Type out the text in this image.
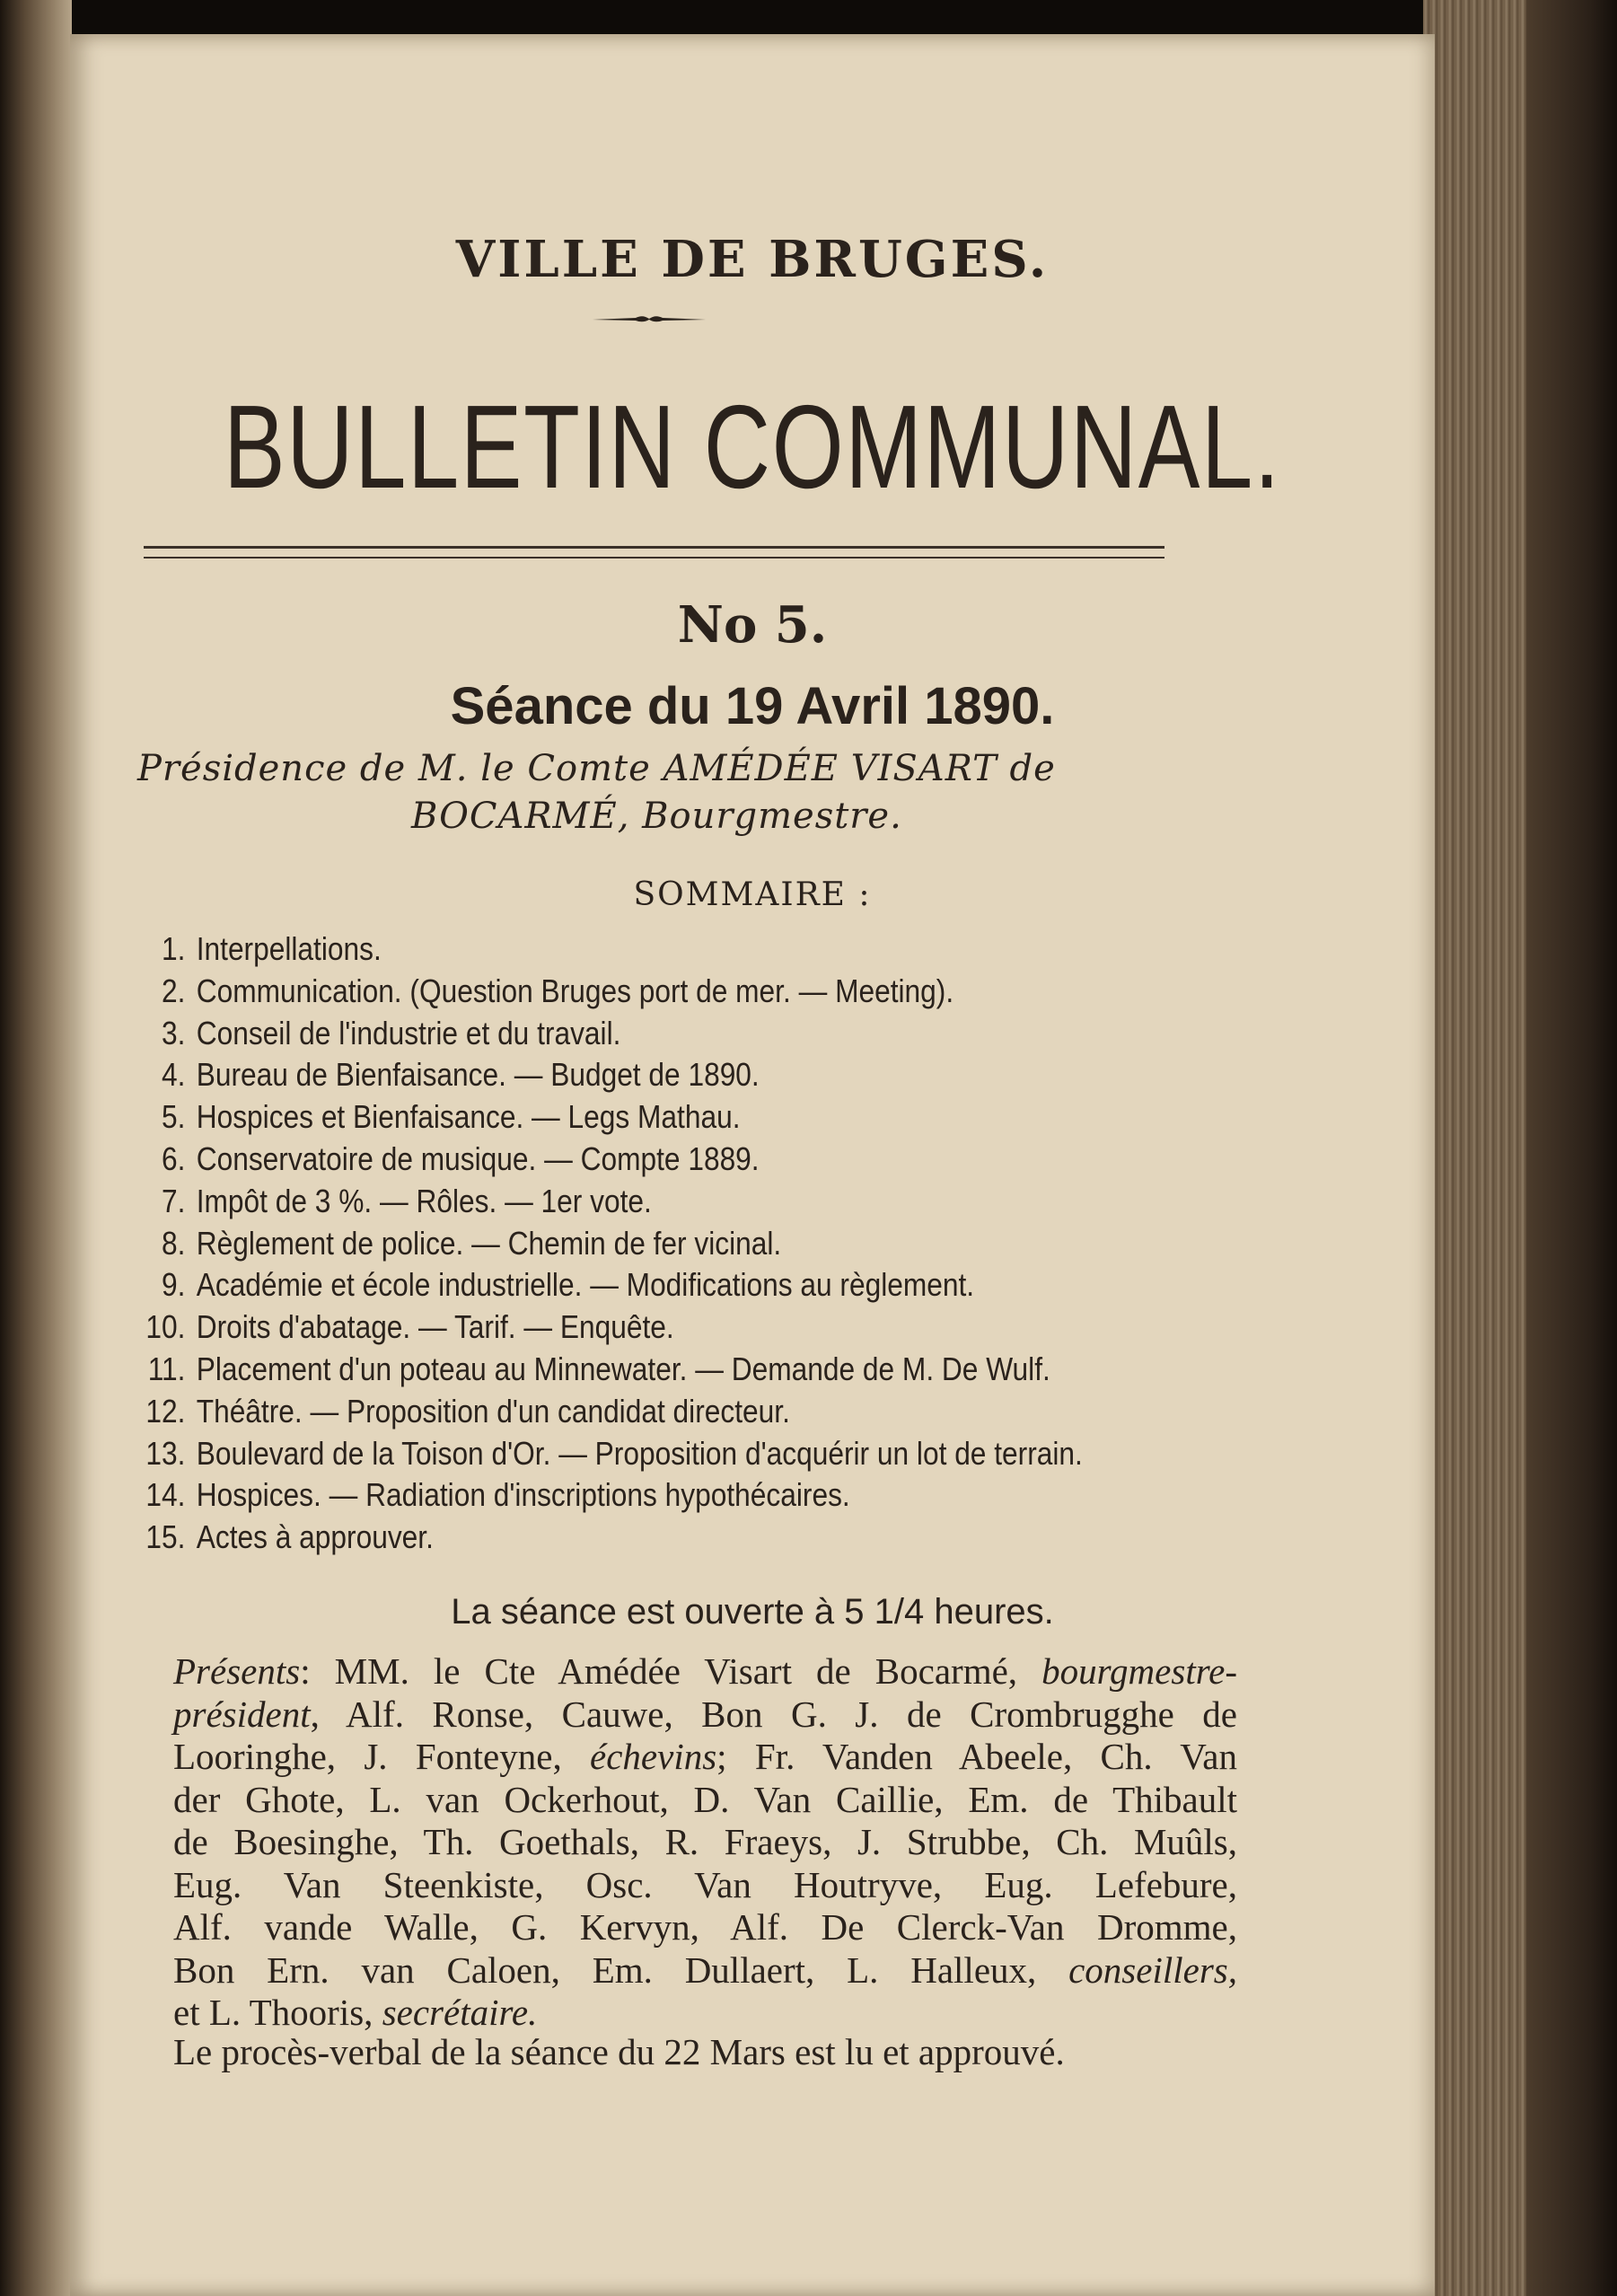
VILLE DE BRUGES.
BULLETIN COMMUNAL.
No 5.
Séance du 19 Avril 1890.
Présidence de M. le Comte AMÉDÉE VISART de
BOCARMÉ, Bourgmestre.
SOMMAIRE :
1. Interpellations.
2. Communication. (Question Bruges port de mer. — Meeting).
3. Conseil de l'industrie et du travail.
4. Bureau de Bienfaisance. — Budget de 1890.
5. Hospices et Bienfaisance. — Legs Mathau.
6. Conservatoire de musique. — Compte 1889.
7. Impôt de 3 %. — Rôles. — 1er vote.
8. Règlement de police. — Chemin de fer vicinal.
9. Académie et école industrielle. — Modifications au règlement.
10. Droits d'abatage. — Tarif. — Enquête.
11. Placement d'un poteau au Minnewater. — Demande de M. De Wulf.
12. Théâtre. — Proposition d'un candidat directeur.
13. Boulevard de la Toison d'Or. — Proposition d'acquérir un lot de terrain.
14. Hospices. — Radiation d'inscriptions hypothécaires.
15. Actes à approuver.
La séance est ouverte à 5 1/4 heures.
Présents: MM. le Cte Amédée Visart de Bocarmé, bourgmestre-
président, Alf. Ronse, Cauwe, Bon G. J. de Crombrugghe de
Looringhe, J. Fonteyne, échevins; Fr. Vanden Abeele, Ch. Van
der Ghote, L. van Ockerhout, D. Van Caillie, Em. de Thibault
de Boesinghe, Th. Goethals, R. Fraeys, J. Strubbe, Ch. Muûls,
Eug. Van Steenkiste, Osc. Van Houtryve, Eug. Lefebure,
Alf. vande Walle, G. Kervyn, Alf. De Clerck-Van Dromme,
Bon Ern. van Caloen, Em. Dullaert, L. Halleux, conseillers,
et L. Thooris, secrétaire.
Le procès-verbal de la séance du 22 Mars est lu et approuvé.
